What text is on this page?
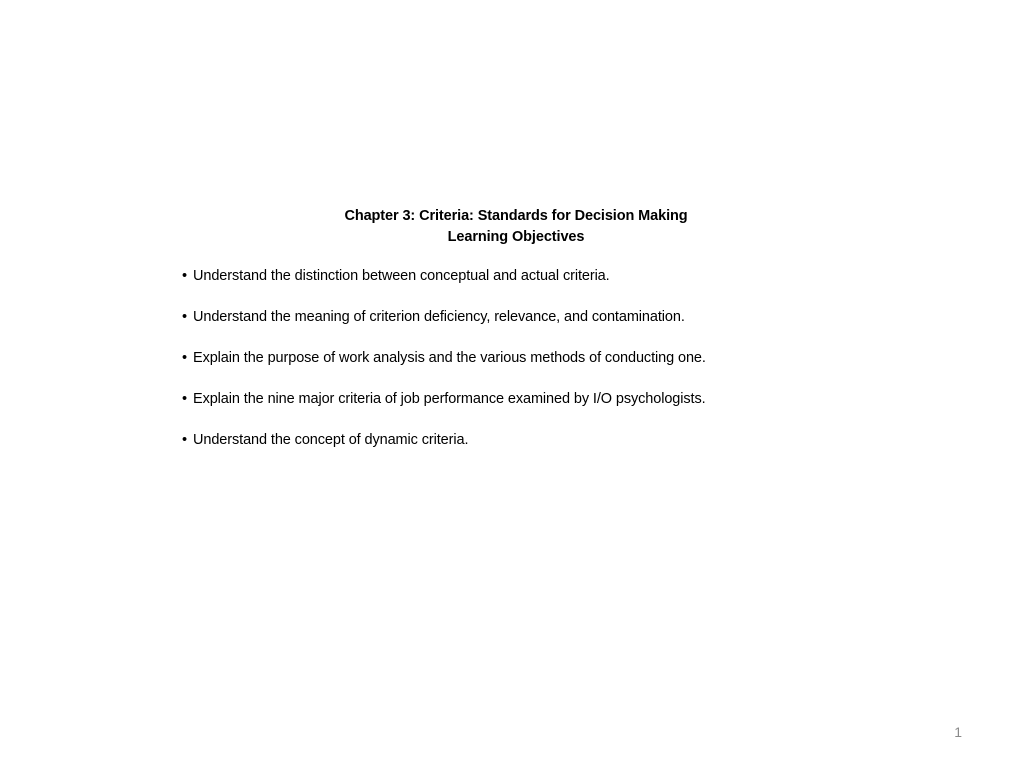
Chapter 3: Criteria: Standards for Decision Making
Learning Objectives
• Understand the distinction between conceptual and actual criteria.
• Understand the meaning of criterion deficiency, relevance, and contamination.
• Explain the purpose of work analysis and the various methods of conducting one.
• Explain the nine major criteria of job performance examined by I/O psychologists.
• Understand the concept of dynamic criteria.
1
